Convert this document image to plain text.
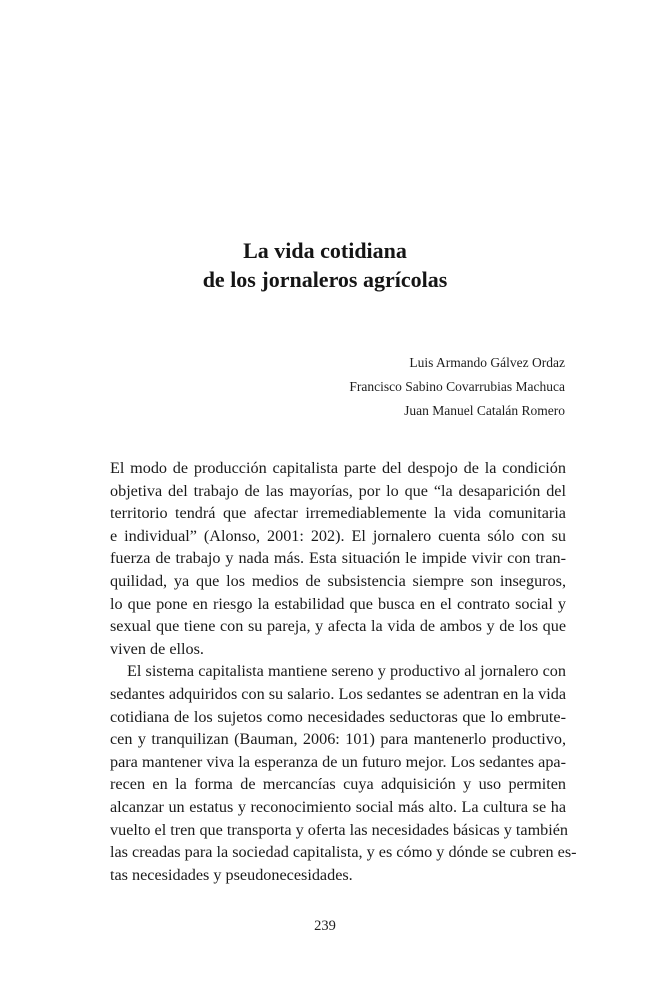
La vida cotidiana
de los jornaleros agrícolas
Luis Armando Gálvez Ordaz
Francisco Sabino Covarrubias Machuca
Juan Manuel Catalán Romero
El modo de producción capitalista parte del despojo de la condición
objetiva del trabajo de las mayorías, por lo que “la desaparición del
territorio tendrá que afectar irremediablemente la vida comunitaria
e individual” (Alonso, 2001: 202). El jornalero cuenta sólo con su
fuerza de trabajo y nada más. Esta situación le impide vivir con tran-
quilidad, ya que los medios de subsistencia siempre son inseguros,
lo que pone en riesgo la estabilidad que busca en el contrato social y
sexual que tiene con su pareja, y afecta la vida de ambos y de los que
viven de ellos.
El sistema capitalista mantiene sereno y productivo al jornalero con
sedantes adquiridos con su salario. Los sedantes se adentran en la vida
cotidiana de los sujetos como necesidades seductoras que lo embrute-
cen y tranquilizan (Bauman, 2006: 101) para mantenerlo productivo,
para mantener viva la esperanza de un futuro mejor. Los sedantes apa-
recen en la forma de mercancías cuya adquisición y uso permiten
alcanzar un estatus y reconocimiento social más alto. La cultura se ha
vuelto el tren que transporta y oferta las necesidades básicas y también
las creadas para la sociedad capitalista, y es cómo y dónde se cubren es-
tas necesidades y pseudonecesidades.
239
